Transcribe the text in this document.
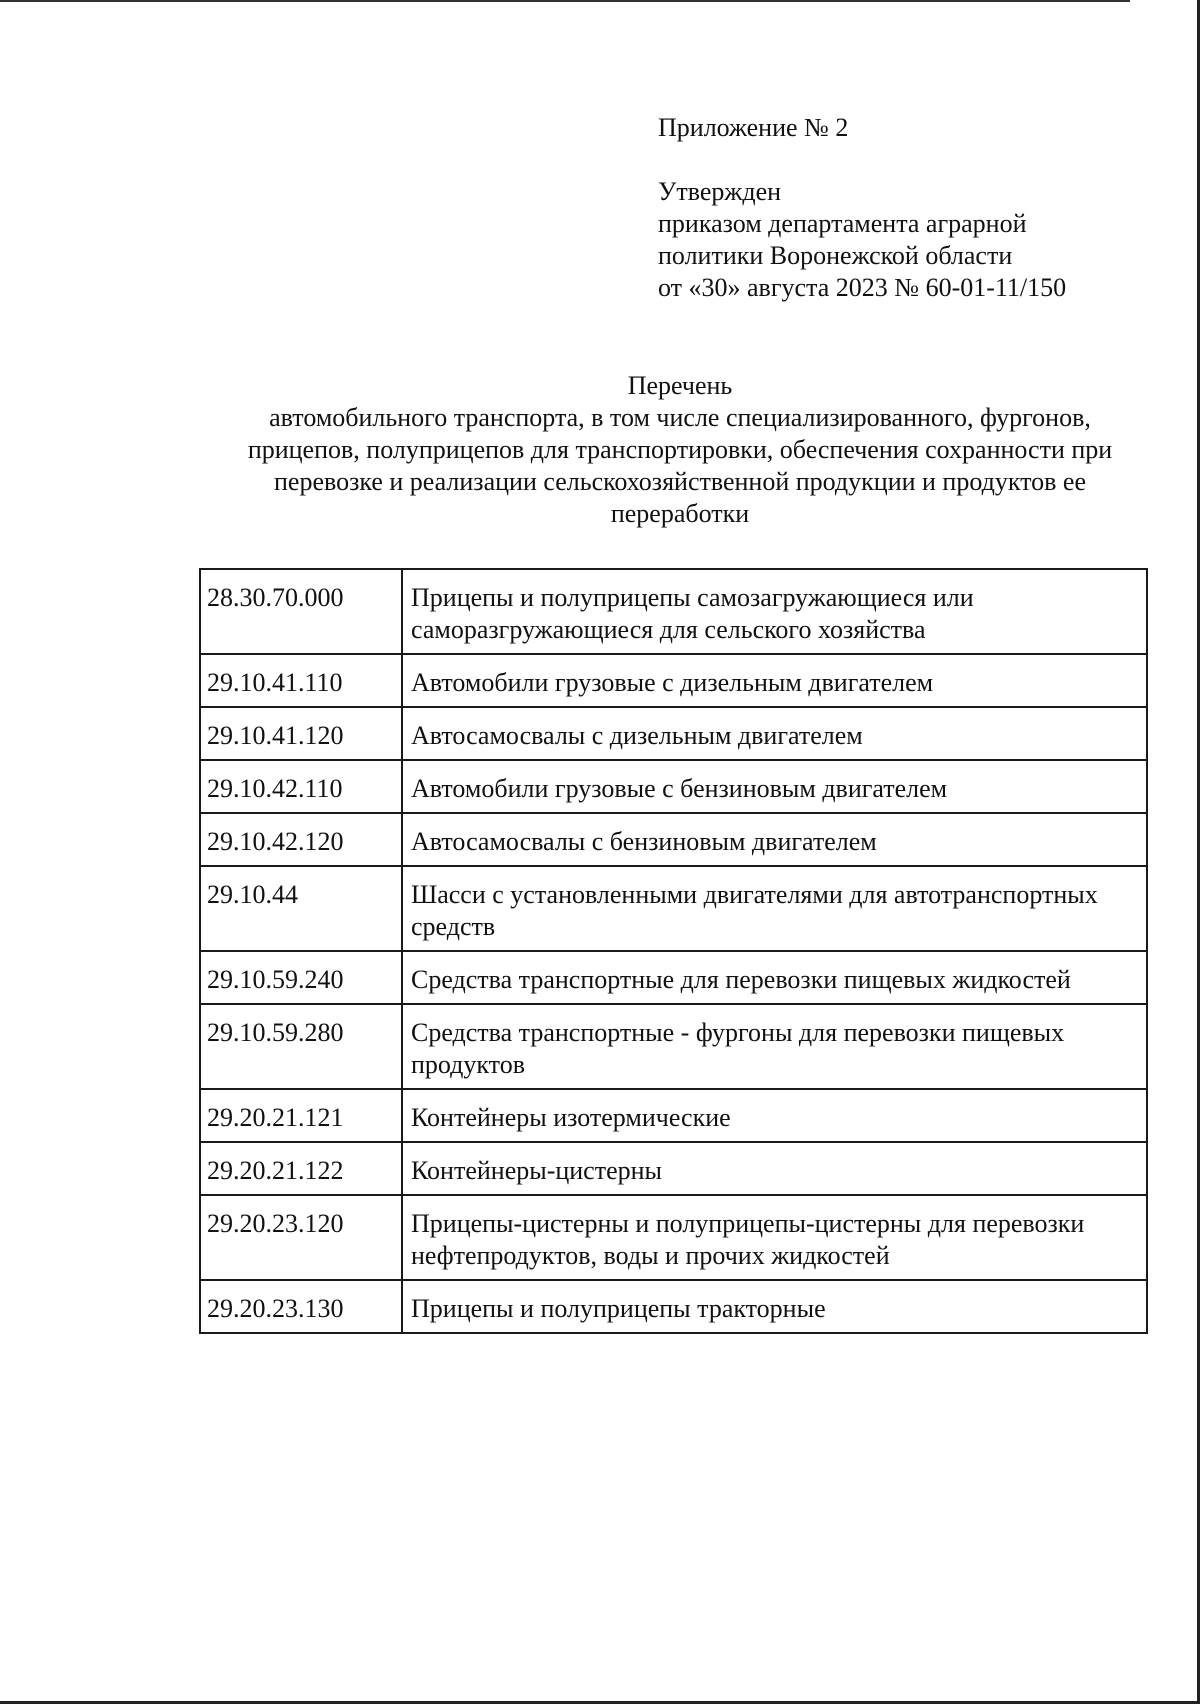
Приложение № 2
Утвержден
приказом департамента аграрной
политики Воронежской области
от «30» августа 2023 № 60-01-11/150
Перечень
автомобильного транспорта, в том числе специализированного, фургонов,
прицепов, полуприцепов для транспортировки, обеспечения сохранности при
перевозке и реализации сельскохозяйственной продукции и продуктов ее
переработки
28.30.70.000	Прицепы и полуприцепы самозагружающиеся или саморазгружающиеся для сельского хозяйства
29.10.41.110	Автомобили грузовые с дизельным двигателем
29.10.41.120	Автосамосвалы с дизельным двигателем
29.10.42.110	Автомобили грузовые с бензиновым двигателем
29.10.42.120	Автосамосвалы с бензиновым двигателем
29.10.44	Шасси с установленными двигателями для автотранспортных средств
29.10.59.240	Средства транспортные для перевозки пищевых жидкостей
29.10.59.280	Средства транспортные - фургоны для перевозки пищевых продуктов
29.20.21.121	Контейнеры изотермические
29.20.21.122	Контейнеры-цистерны
29.20.23.120	Прицепы-цистерны и полуприцепы-цистерны для перевозки нефтепродуктов, воды и прочих жидкостей
29.20.23.130	Прицепы и полуприцепы тракторные
